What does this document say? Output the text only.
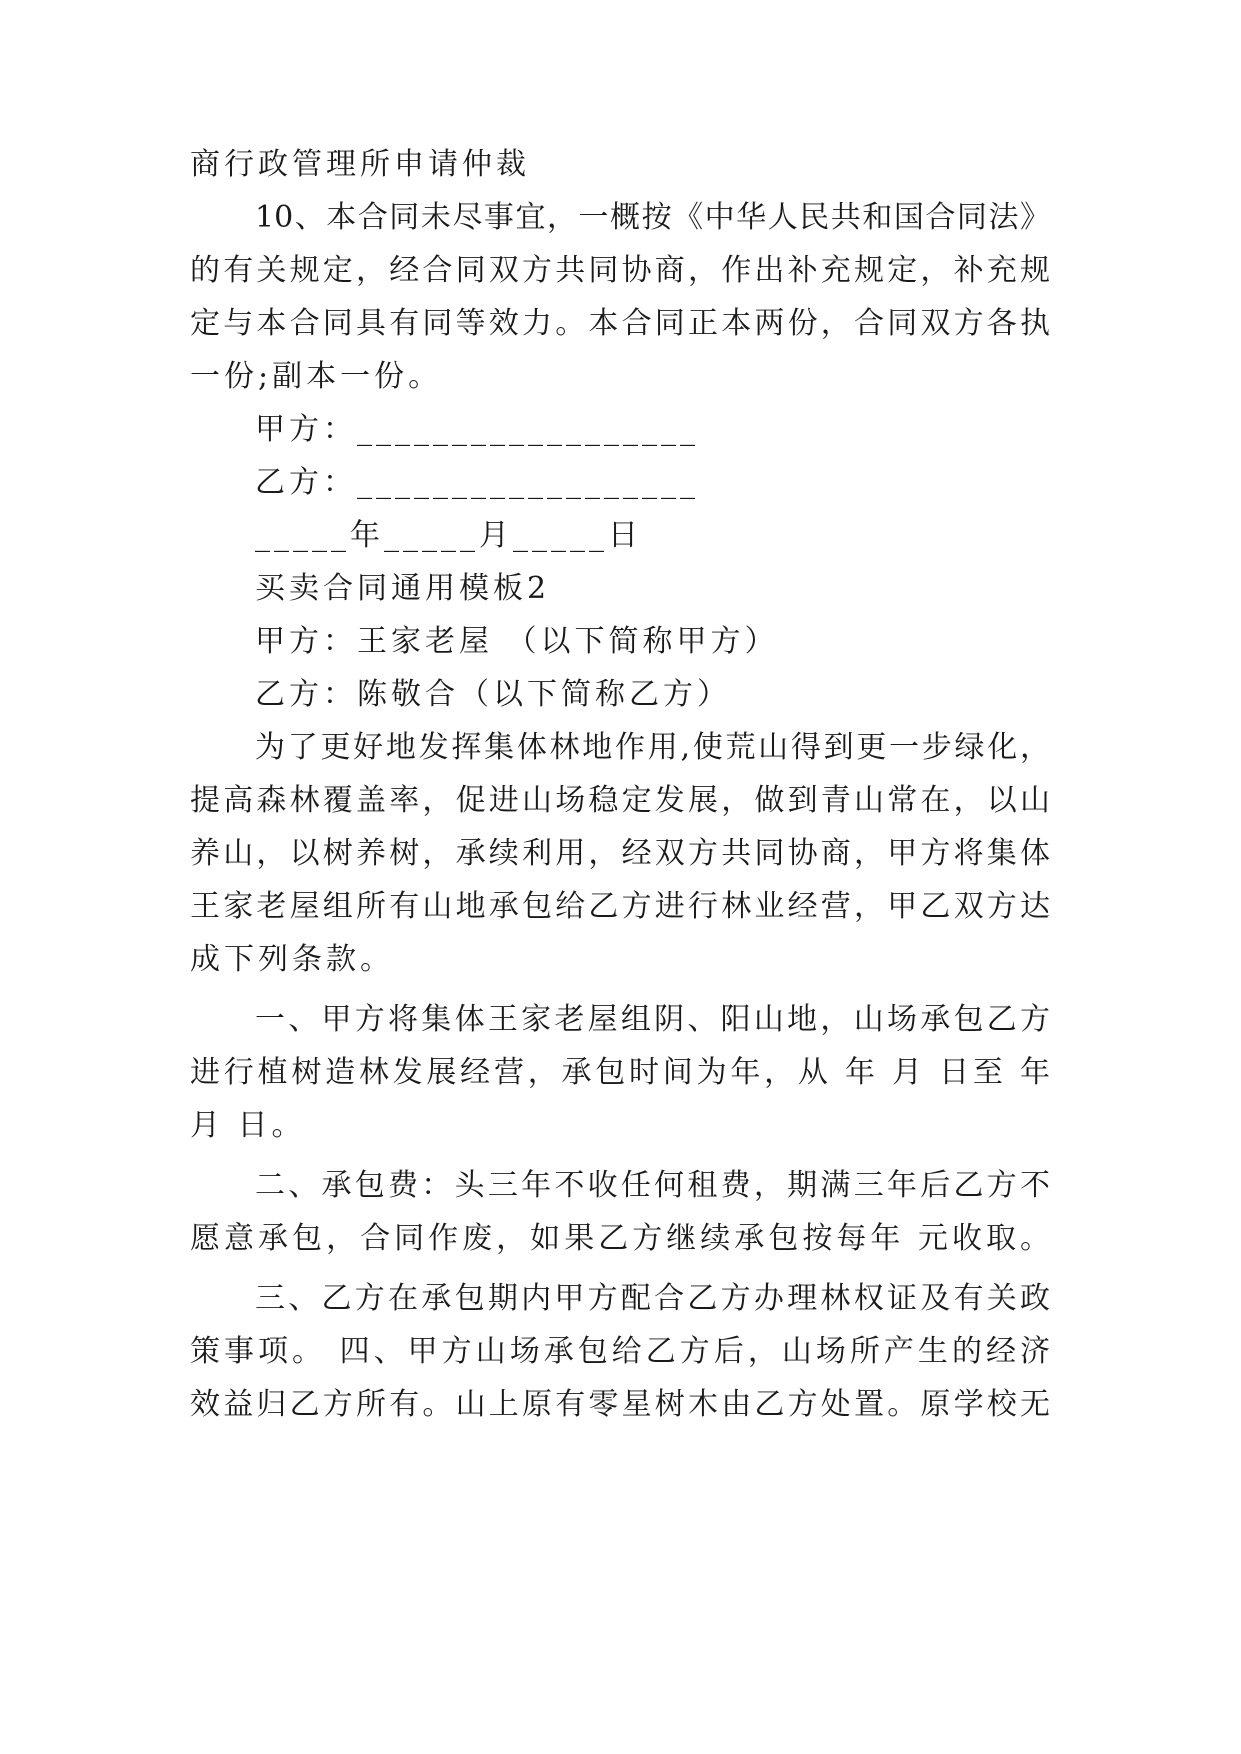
商行政管理所申请仲裁
10、本合同未尽事宜，一概按《中华人民共和国合同法》
的有关规定，经合同双方共同协商，作出补充规定，补充规
定与本合同具有同等效力。本合同正本两份，合同双方各执
一份;副本一份。
甲方：__________________
乙方：__________________
_____年_____月_____日
买卖合同通用模板2
甲方：王家老屋 （以下简称甲方）
乙方：陈敬合（以下简称乙方）
为了更好地发挥集体林地作用,使荒山得到更一步绿化，
提高森林覆盖率，促进山场稳定发展，做到青山常在，以山
养山，以树养树，承续利用，经双方共同协商，甲方将集体
王家老屋组所有山地承包给乙方进行林业经营，甲乙双方达
成下列条款。
一、甲方将集体王家老屋组阴、阳山地，山场承包乙方
进行植树造林发展经营，承包时间为年，从 年 月 日至 年
月 日。
二、承包费：头三年不收任何租费，期满三年后乙方不
愿意承包，合同作废，如果乙方继续承包按每年 元收取。
三、乙方在承包期内甲方配合乙方办理林权证及有关政
策事项。 四、甲方山场承包给乙方后，山场所产生的经济
效益归乙方所有。山上原有零星树木由乙方处置。原学校无
